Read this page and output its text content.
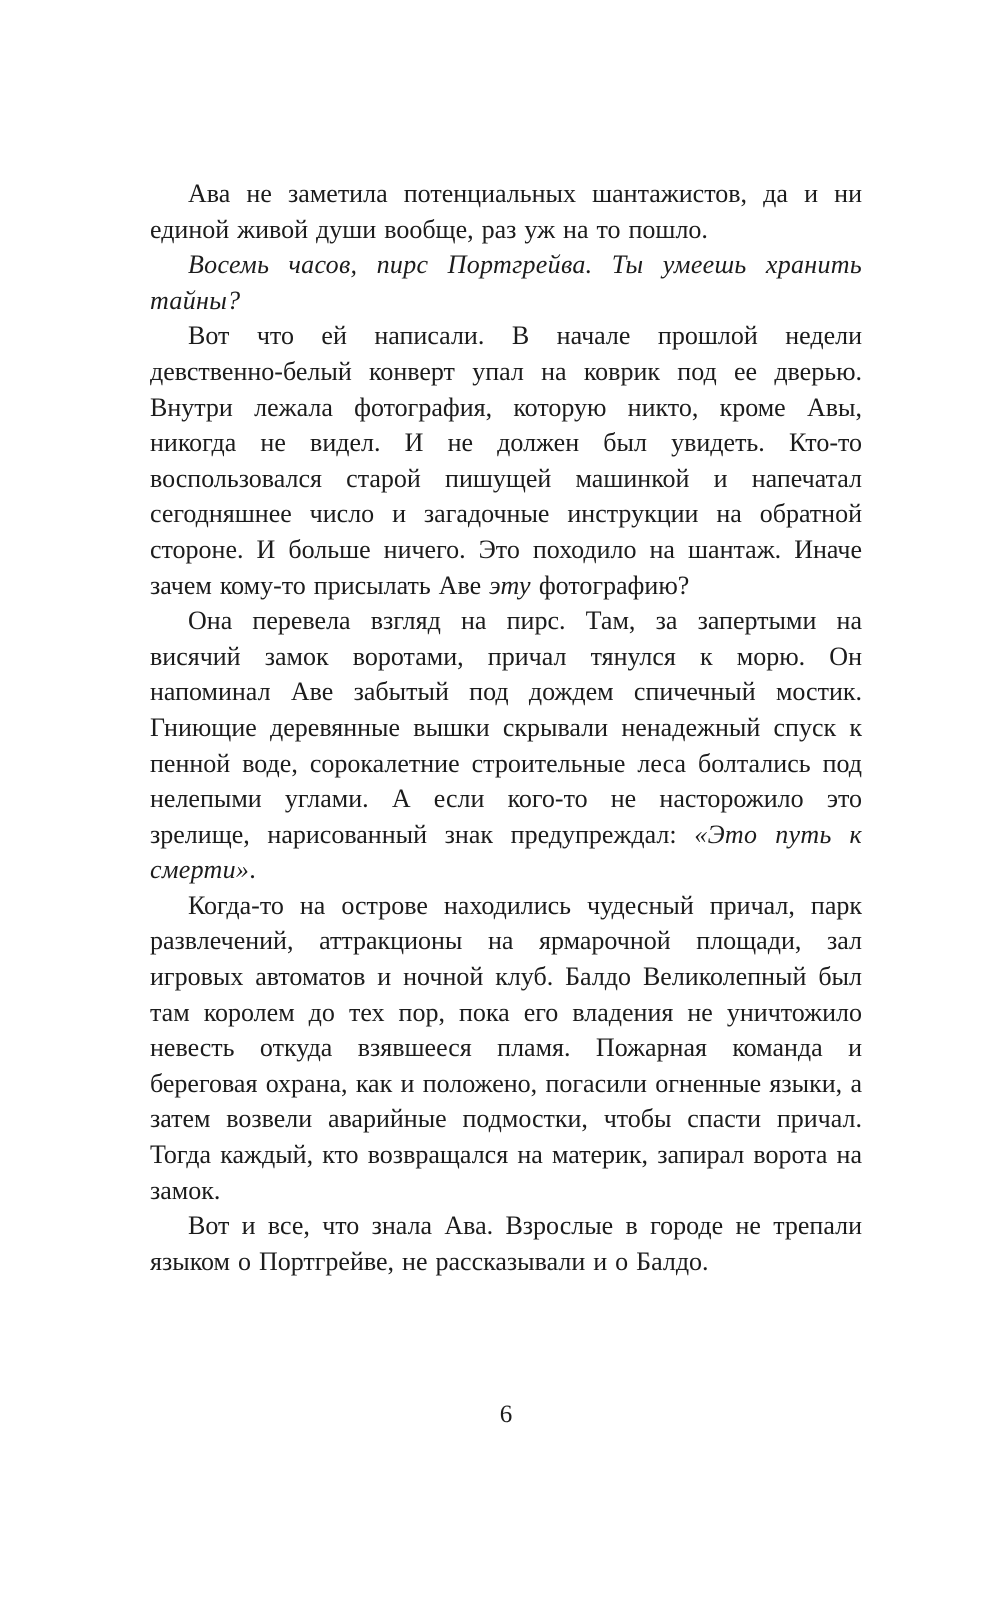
Ава не заметила потенциальных шантажистов, да и ни единой живой души вообще, раз уж на то пошло.

Восемь часов, пирс Портгрейва. Ты умеешь хранить тайны?

Вот что ей написали. В начале прошлой недели девственно-белый конверт упал на коврик под ее дверью. Внутри лежала фотография, которую никто, кроме Авы, никогда не видел. И не должен был увидеть. Кто-то воспользовался старой пишущей машинкой и напечатал сегодняшнее число и загадочные инструкции на обратной стороне. И больше ничего. Это походило на шантаж. Иначе зачем кому-то присылать Аве эту фотографию?

Она перевела взгляд на пирс. Там, за запертыми на висячий замок воротами, причал тянулся к морю. Он напоминал Аве забытый под дождем спичечный мостик. Гниющие деревянные вышки скрывали ненадежный спуск к пенной воде, сорокалетние строительные леса болтались под нелепыми углами. А если кого-то не насторожило это зрелище, нарисованный знак предупреждал: «Это путь к смерти».

Когда-то на острове находились чудесный причал, парк развлечений, аттракционы на ярмарочной площади, зал игровых автоматов и ночной клуб. Балдо Великолепный был там королем до тех пор, пока его владения не уничтожило невесть откуда взявшееся пламя. Пожарная команда и береговая охрана, как и положено, погасили огненные языки, а затем возвели аварийные подмостки, чтобы спасти причал. Тогда каждый, кто возвращался на материк, запирал ворота на замок.

Вот и все, что знала Ава. Взрослые в городе не трепали языком о Портгрейве, не рассказывали и о Балдо.

6
